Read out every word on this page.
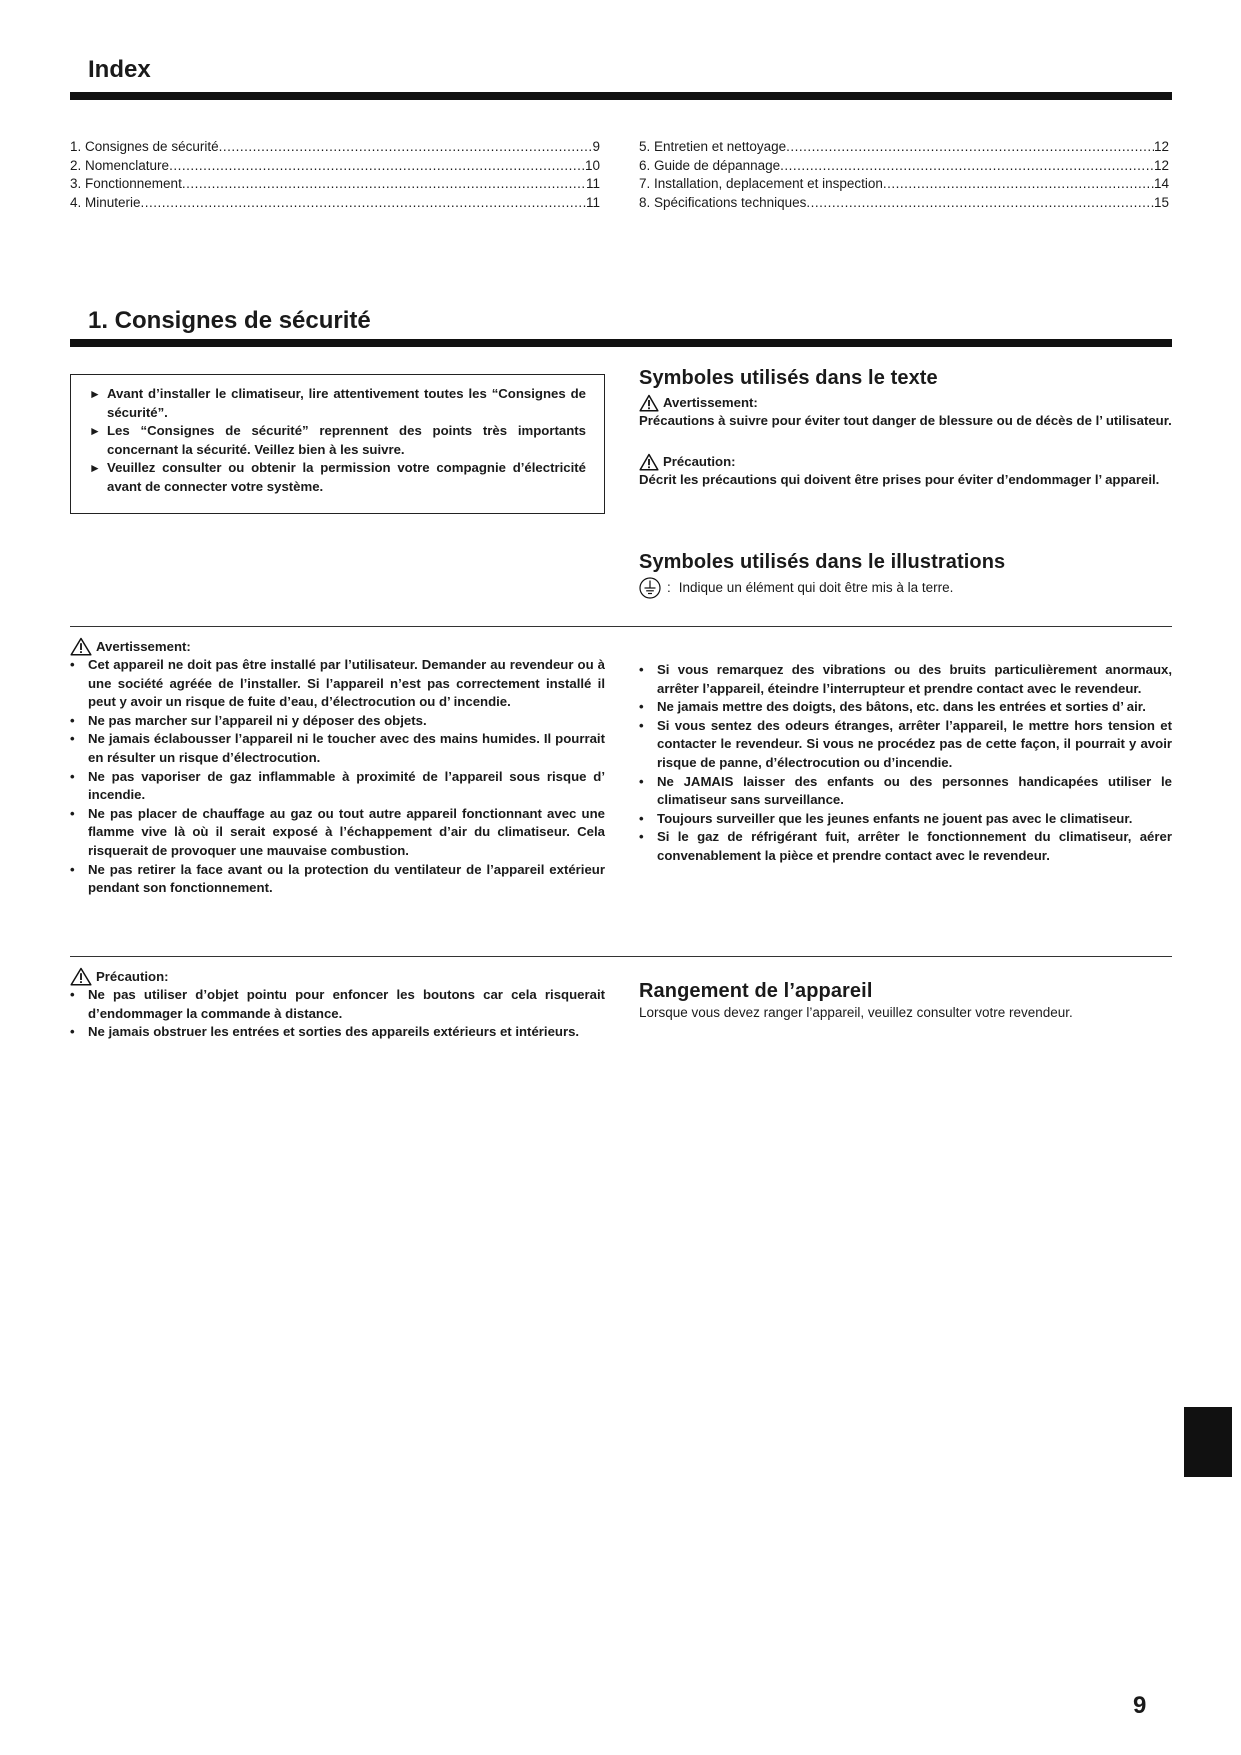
Index
1. Consignes de sécurité .....	9
2. Nomenclature .....	10
3. Fonctionnement .....	11
4. Minuterie .....	11
5. Entretien et nettoyage .....	12
6. Guide de dépannage .....	12
7. Installation, deplacement et inspection .....	14
8. Spécifications techniques .....	15
1. Consignes de sécurité
► Avant d’installer le climatiseur, lire attentivement toutes les “Consignes de sécurité”.
► Les “Consignes de sécurité” reprennent des points très importants concernant la sécurité. Veillez bien à les suivre.
► Veuillez consulter ou obtenir la permission votre compagnie d’électricité avant de connecter votre système.
Symboles utilisés dans le texte
Avertissement:
Précautions à suivre pour éviter tout danger de blessure ou de décès de l’ utilisateur.
Précaution:
Décrit les précautions qui doivent être prises pour éviter d’endommager l’ appareil.
Symboles utilisés dans le illustrations
: Indique un élément qui doit être mis à la terre.
Avertissement:
• Cet appareil ne doit pas être installé par l’utilisateur. Demander au revendeur ou à une société agréée de l’installer. Si l’appareil n’est pas correctement installé il peut y avoir un risque de fuite d’eau, d’électrocution ou d’ incendie.
• Ne pas marcher sur l’appareil ni y déposer des objets.
• Ne jamais éclabousser l’appareil ni le toucher avec des mains humides. Il pourrait en résulter un risque d’électrocution.
• Ne pas vaporiser de gaz inflammable à proximité de l’appareil sous risque d’ incendie.
• Ne pas placer de chauffage au gaz ou tout autre appareil fonctionnant avec une flamme vive là où il serait exposé à l’échappement d’air du climatiseur. Cela risquerait de provoquer une mauvaise combustion.
• Ne pas retirer la face avant ou la protection du ventilateur de l’appareil extérieur pendant son fonctionnement.
• Si vous remarquez des vibrations ou des bruits particulièrement anormaux, arrêter l’appareil, éteindre l’interrupteur et prendre contact avec le revendeur.
• Ne jamais mettre des doigts, des bâtons, etc. dans les entrées et sorties d’ air.
• Si vous sentez des odeurs étranges, arrêter l’appareil, le mettre hors tension et contacter le revendeur. Si vous ne procédez pas de cette façon, il pourrait y avoir risque de panne, d’électrocution ou d’incendie.
• Ne JAMAIS laisser des enfants ou des personnes handicapées utiliser le climatiseur sans surveillance.
• Toujours surveiller que les jeunes enfants ne jouent pas avec le climatiseur.
• Si le gaz de réfrigérant fuit, arrêter le fonctionnement du climatiseur, aérer convenablement la pièce et prendre contact avec le revendeur.
Précaution:
• Ne pas utiliser d’objet pointu pour enfoncer les boutons car cela risquerait d’endommager la commande à distance.
• Ne jamais obstruer les entrées et sorties des appareils extérieurs et intérieurs.
Rangement de l’appareil
Lorsque vous devez ranger l’appareil, veuillez consulter votre revendeur.
9
